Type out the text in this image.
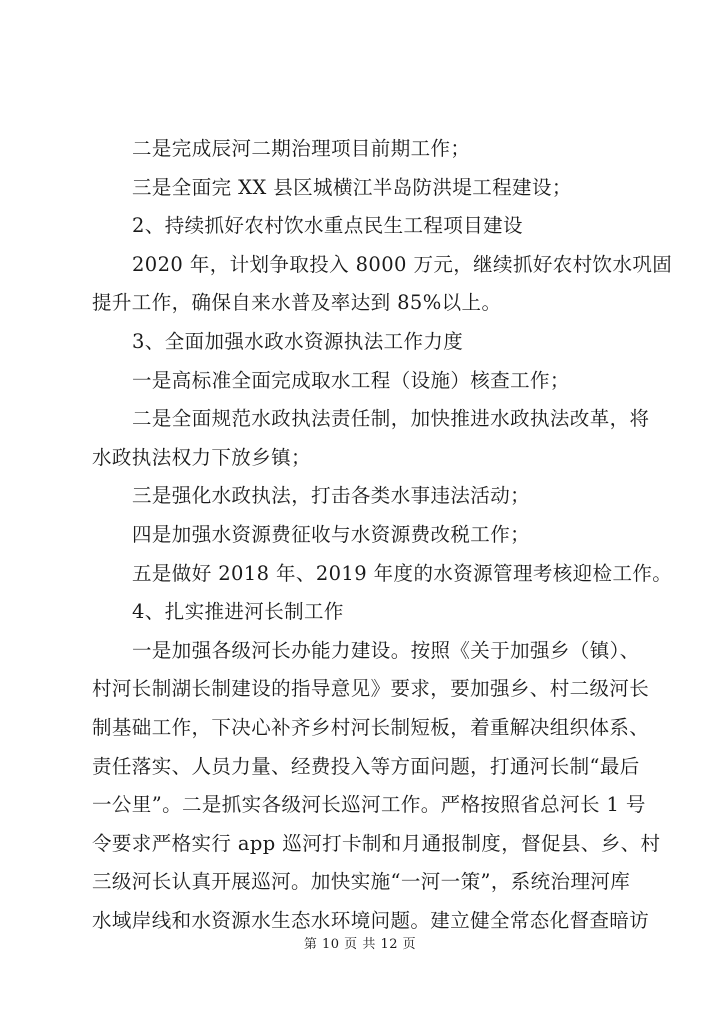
二是完成辰河二期治理项目前期工作；
三是全面完 XX 县区城横江半岛防洪堤工程建设；
2、持续抓好农村饮水重点民生工程项目建设
2020 年，计划争取投入 8000 万元，继续抓好农村饮水巩固
提升工作，确保自来水普及率达到 85%以上。
3、全面加强水政水资源执法工作力度
一是高标准全面完成取水工程（设施）核查工作；
二是全面规范水政执法责任制，加快推进水政执法改革，将
水政执法权力下放乡镇；
三是强化水政执法，打击各类水事违法活动；
四是加强水资源费征收与水资源费改税工作；
五是做好 2018 年、2019 年度的水资源管理考核迎检工作。
4、扎实推进河长制工作
一是加强各级河长办能力建设。按照《关于加强乡（镇）、
村河长制湖长制建设的指导意见》要求，要加强乡、村二级河长
制基础工作，下决心补齐乡村河长制短板，着重解决组织体系、
责任落实、人员力量、经费投入等方面问题，打通河长制“最后
一公里”。二是抓实各级河长巡河工作。严格按照省总河长 1 号
令要求严格实行 app 巡河打卡制和月通报制度，督促县、乡、村
三级河长认真开展巡河。加快实施“一河一策”，系统治理河库
水域岸线和水资源水生态水环境问题。建立健全常态化督查暗访
第 10 页 共 12 页
